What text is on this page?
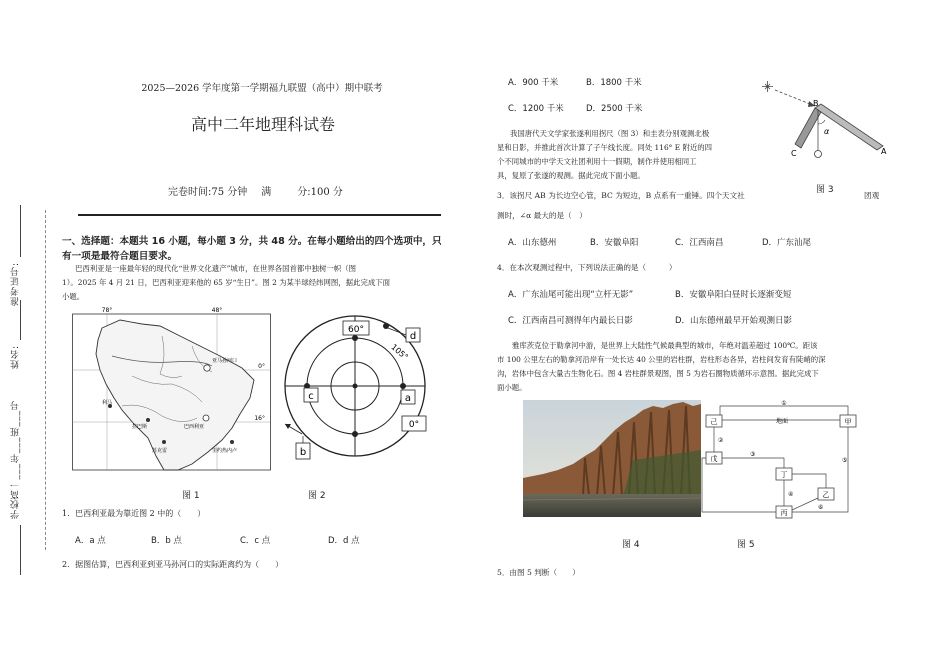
准考证号:
姓名:
高一___年___班___号
学校:
2025—2026 学年度第一学期福九联盟（高中）期中联考
高中二年地理科试卷
完卷时间:75 分钟 满	分:100 分
一、选择题：本题共 16 小题，每小题 3 分，共 48 分。在每小题给出的四个选项中，只
有一项是最符合题目要求。
巴西利亚是一座最年轻的现代化“世界文化遗产”城市，在世界各国首都中独树一帜（图
1）。2025 年 4 月 21 日，巴西利亚迎来他的 65 岁“生日”。图 2 为某半球经纬网图，据此完成下面
小题。
78°	48°
0°
16°
亚马孙河口
利马
巴西利亚
拉巴斯
苏克雷	里约热内卢
图 1
60°
105°
d
c	a
0°
b
图 2
1．巴西利亚最为靠近图 2 中的（　　）
A．a 点	B．b 点	C．c 点	D．d 点
2．据图估算，巴西利亚到亚马孙河口的实际距离约为（　　）
A．900 千米	B．1800 千米
C．1200 千米	D．2500 千米
我国唐代天文学家张遂利用拐尺（图 3）和圭表分别观测北极
星和日影，并推此首次计算了子午线长度。同处 116° E 附近的四
个不同城市的中学天文社团利用十一假期，制作并使用相同工
具，复原了张遂的观测。据此完成下面小题。
B
A
C
α
图 3
3．该拐尺 AB 为长边空心管，BC 为短边，B 点系有一重锤。四个天文社	团观
测时，∠α 最大的是（　）
A．山东德州	B．安徽阜阳	C．江西南昌	D．广东汕尾
4．在本次观测过程中，下列说法正确的是（　　　）
A．广东汕尾可能出现“立杆无影”	B．安徽阜阳白昼时长逐渐变短
C．江西南昌可测得年内最长日影	D．山东德州最早开始观测日影
雅库茨克位于勒拿河中游，是世界上大陆性气候最典型的城市，年绝对温差超过 100℃。距该
市 100 公里左右的勒拿河沿岸有一处长达 40 公里的岩柱群，岩柱形态各异，岩柱间发育有陡峭的深
沟，岩体中包含大量古生物化石。图 4 岩柱群景观图，图 5 为岩石圈物质循环示意图。据此完成下
面小题。
图 4
地面
①
己	甲
戊
②
丁
③
乙
丙
④
⑤
⑥
图 5
5．由图 5 判断（　　）
